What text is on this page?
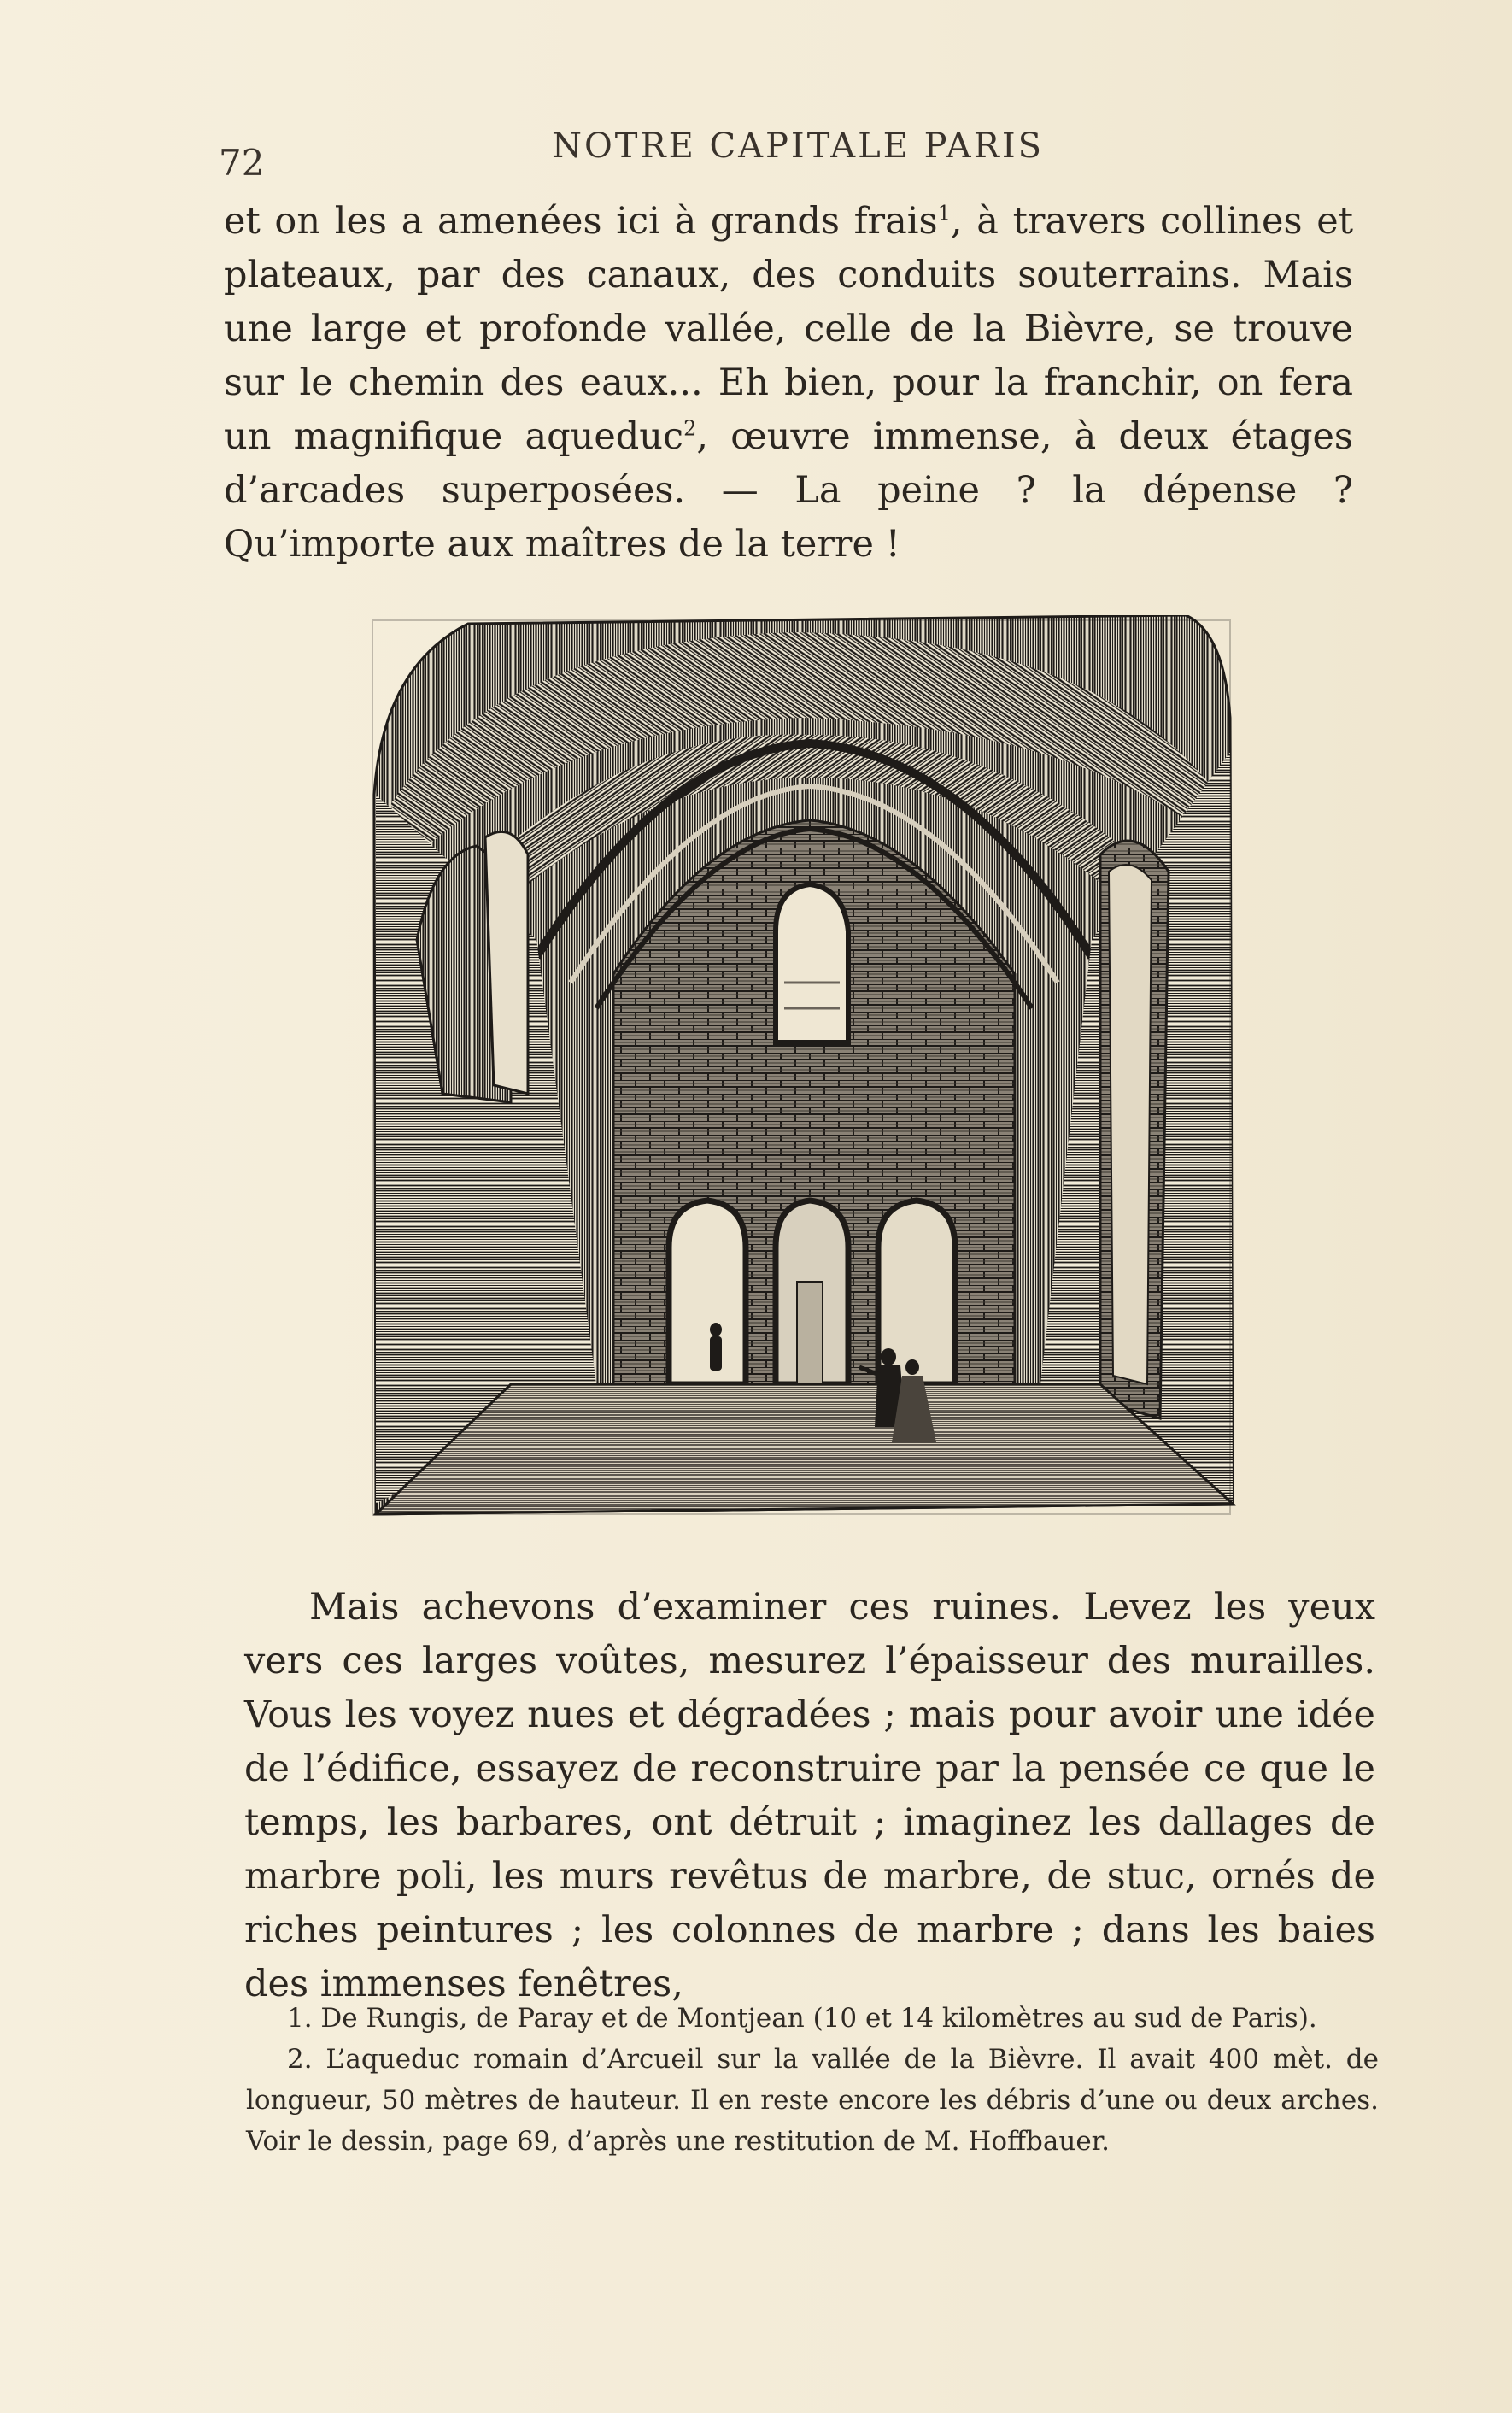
72	NOTRE CAPITALE PARIS

et on les a amenées ici à grands frais$^1$, à travers collines et plateaux, par des canaux, des conduits souterrains. Mais une large et profonde vallée, celle de la Bièvre, se trouve sur le chemin des eaux... Eh bien, pour la franchir, on fera un magnifique aqueduc$^2$, œuvre immense, à deux étages d’arcades superposées. — La peine ? la dépense ? Qu’importe aux maîtres de la terre !

Mais achevons d’examiner ces ruines. Levez les yeux vers ces larges voûtes, mesurez l’épaisseur des murailles. Vous les voyez nues et dégradées ; mais pour avoir une idée de l’édifice, essayez de reconstruire par la pensée ce que le temps, les barbares, ont détruit ; imaginez les dallages de marbre poli, les murs revêtus de marbre, de stuc, ornés de riches peintures ; les colonnes de marbre ; dans les baies des immenses fenêtres,

1. De Rungis, de Paray et de Montjean (10 et 14 kilomètres au sud de Paris).
2. L’aqueduc romain d’Arcueil sur la vallée de la Bièvre. Il avait 400 mèt. de longueur, 50 mètres de hauteur. Il en reste encore les débris d’une ou deux arches. Voir le dessin, page 69, d’après une restitution de M. Hoffbauer.
